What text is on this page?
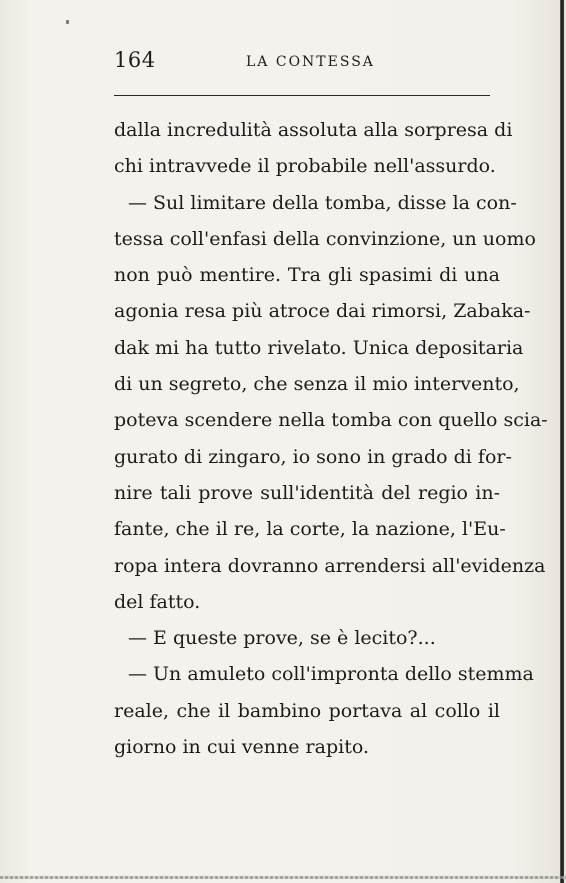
164	LA CONTESSA
dalla incredulità assoluta alla sorpresa di
chi intravvede il probabile nell'assurdo.
— Sul limitare della tomba, disse la con-
tessa coll'enfasi della convinzione, un uomo
non può mentire. Tra gli spasimi di una
agonia resa più atroce dai rimorsi, Zabaka-
dak mi ha tutto rivelato. Unica depositaria
di un segreto, che senza il mio intervento,
poteva scendere nella tomba con quello scia-
gurato di zingaro, io sono in grado di for-
nire tali prove sull'identità del regio in-
fante, che il re, la corte, la nazione, l'Eu-
ropa intera dovranno arrendersi all'evidenza
del fatto.
— E queste prove, se è lecito?...
— Un amuleto coll'impronta dello stemma
reale, che il bambino portava al collo il
giorno in cui venne rapito.
